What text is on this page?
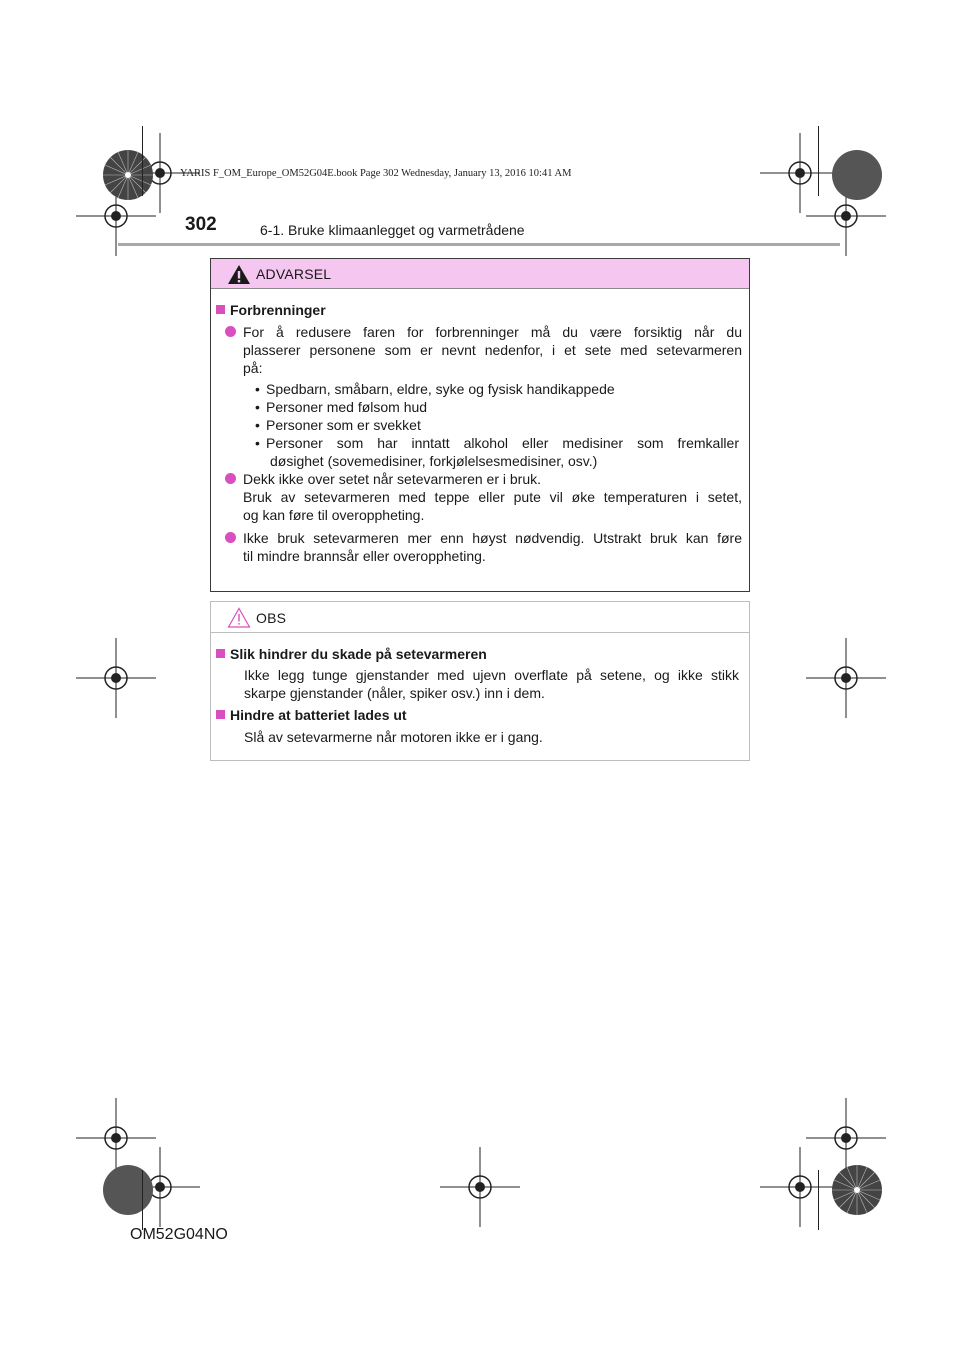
YARIS F_OM_Europe_OM52G04E.book Page 302 Wednesday, January 13, 2016 10:41 AM
302	6-1. Bruke klimaanlegget og varmetrådene
ADVARSEL
Forbrenninger
For å redusere faren for forbrenninger må du være forsiktig når du
plasserer personene som er nevnt nedenfor, i et sete med setevarmeren
på:
• Spedbarn, småbarn, eldre, syke og fysisk handikappede
• Personer med følsom hud
• Personer som er svekket
• Personer som har inntatt alkohol eller medisiner som fremkaller
døsighet (sovemedisiner, forkjølelsesmedisiner, osv.)
Dekk ikke over setet når setevarmeren er i bruk.
Bruk av setevarmeren med teppe eller pute vil øke temperaturen i setet,
og kan føre til overoppheting.
Ikke bruk setevarmeren mer enn høyst nødvendig. Utstrakt bruk kan føre
til mindre brannsår eller overoppheting.
OBS
Slik hindrer du skade på setevarmeren
Ikke legg tunge gjenstander med ujevn overflate på setene, og ikke stikk
skarpe gjenstander (nåler, spiker osv.) inn i dem.
Hindre at batteriet lades ut
Slå av setevarmerne når motoren ikke er i gang.
OM52G04NO
